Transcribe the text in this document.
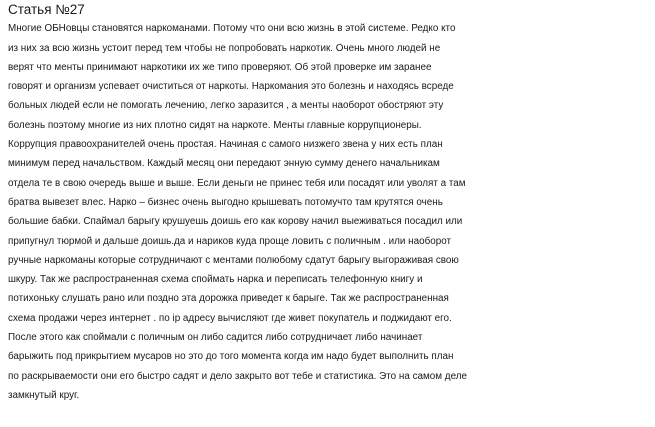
Статья №27
Многие ОБНовцы становятся наркоманами. Потому что они всю жизнь в этой системе. Редко кто
из них за всю жизнь устоит перед тем чтобы не попробовать наркотик. Очень много людей не
верят что менты принимают наркотики их же типо проверяют. Об этой проверке им заранее
говорят и организм успевает очиститься от наркоты. Наркомания это болезнь и находясь всреде
больных людей если не помогать лечению, легко заразится , а менты наоборот обостряют эту
болезнь поэтому многие из них плотно сидят на наркоте. Менты главные коррупционеры.
Коррупция правоохранителей очень простая. Начиная с самого низжего звена у них есть план
минимум перед начальством. Каждый месяц они передают энную сумму денего начальникам
отдела те в свою очередь выше и выше. Если деньги не принес тебя или посадят или уволят а там
братва вывезет влес. Нарко – бизнес очень выгодно крышевать потомучто там крутятся очень
большие бабки. Спаймал барыгу крушуешь доишь его как корову начил выеживаться посадил или
припугнул тюрмой и дальше доишь.да и нариков куда проще ловить с поличным . или наоборот
ручные наркоманы которые сотрудничают с ментами полюбому сдатут барыгу выгораживая свою
шкуру. Так же распространенная схема споймать нарка и переписать телефонную книгу и
потихоньку слушать рано или поздно эта дорожка приведет к барыге. Так же распространенная
схема продажи через интернет . по ip адресу вычисляют где живет покупатель и поджидают его.
После этого как споймали с поличным он либо садится либо сотрудничает либо начинает
барыжить под прикрытием мусаров но это до того момента когда им надо будет выполнить план
по раскрываемости они его быстро садят и дело закрыто вот тебе и статистика. Это на самом деле
замкнутый круг.
